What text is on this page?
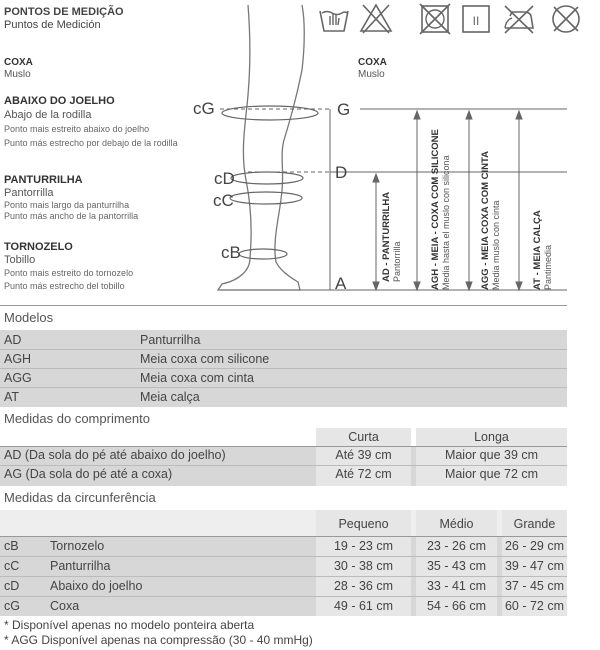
PONTOS DE MEDIÇÃO
Puntos de Medición	II
COXA
Muslo
ABAIXO DO JOELHO
Abajo de la rodilla
Ponto mais estreito abaixo do joelho
Punto más estrecho por debajo de la rodilla
PANTURRILHA
Pantorrilla
Ponto mais largo da panturrilha
Punto más ancho de la pantorrilla
TORNOZELO
Tobillo
Ponto mais estreito do tornozelo
Punto más estrecho del tobillo
COXA
Muslo
cG
cD
cC
cB
G
D
A
AD - PANTURRILHA Pantorrilla	AGH - MEIA - COXA COM SILICONE Media hasta el muslo con silicona	AGG - MEIA COXA COM CINTA Media muslo con cinta	AT - MEIA CALÇA Pantimedia
Modelos
AD	Panturrilha
AGH	Meia coxa com silicone
AGG	Meia coxa com cinta
AT	Meia calça
Medidas do comprimento
Curta	Longa
AD (Da sola do pé até abaixo do joelho)	Até 39 cm	Maior que 39 cm
AG (Da sola do pé até a coxa)	Até 72 cm	Maior que 72 cm
Medidas da circunferência
Pequeno	Médio	Grande
cB	Tornozelo	19 - 23 cm	23 - 26 cm	26 - 29 cm
cC Panturrilha	30 - 38 cm	35 - 43 cm	39 - 47 cm
cD Abaixo do joelho	28 - 36 cm	33 - 41 cm	37 - 45 cm
cG Coxa	49 - 61 cm	54 - 66 cm	60 - 72 cm
* Disponível apenas no modelo ponteira aberta
* AGG Disponível apenas na compressão (30 - 40 mmHg)
